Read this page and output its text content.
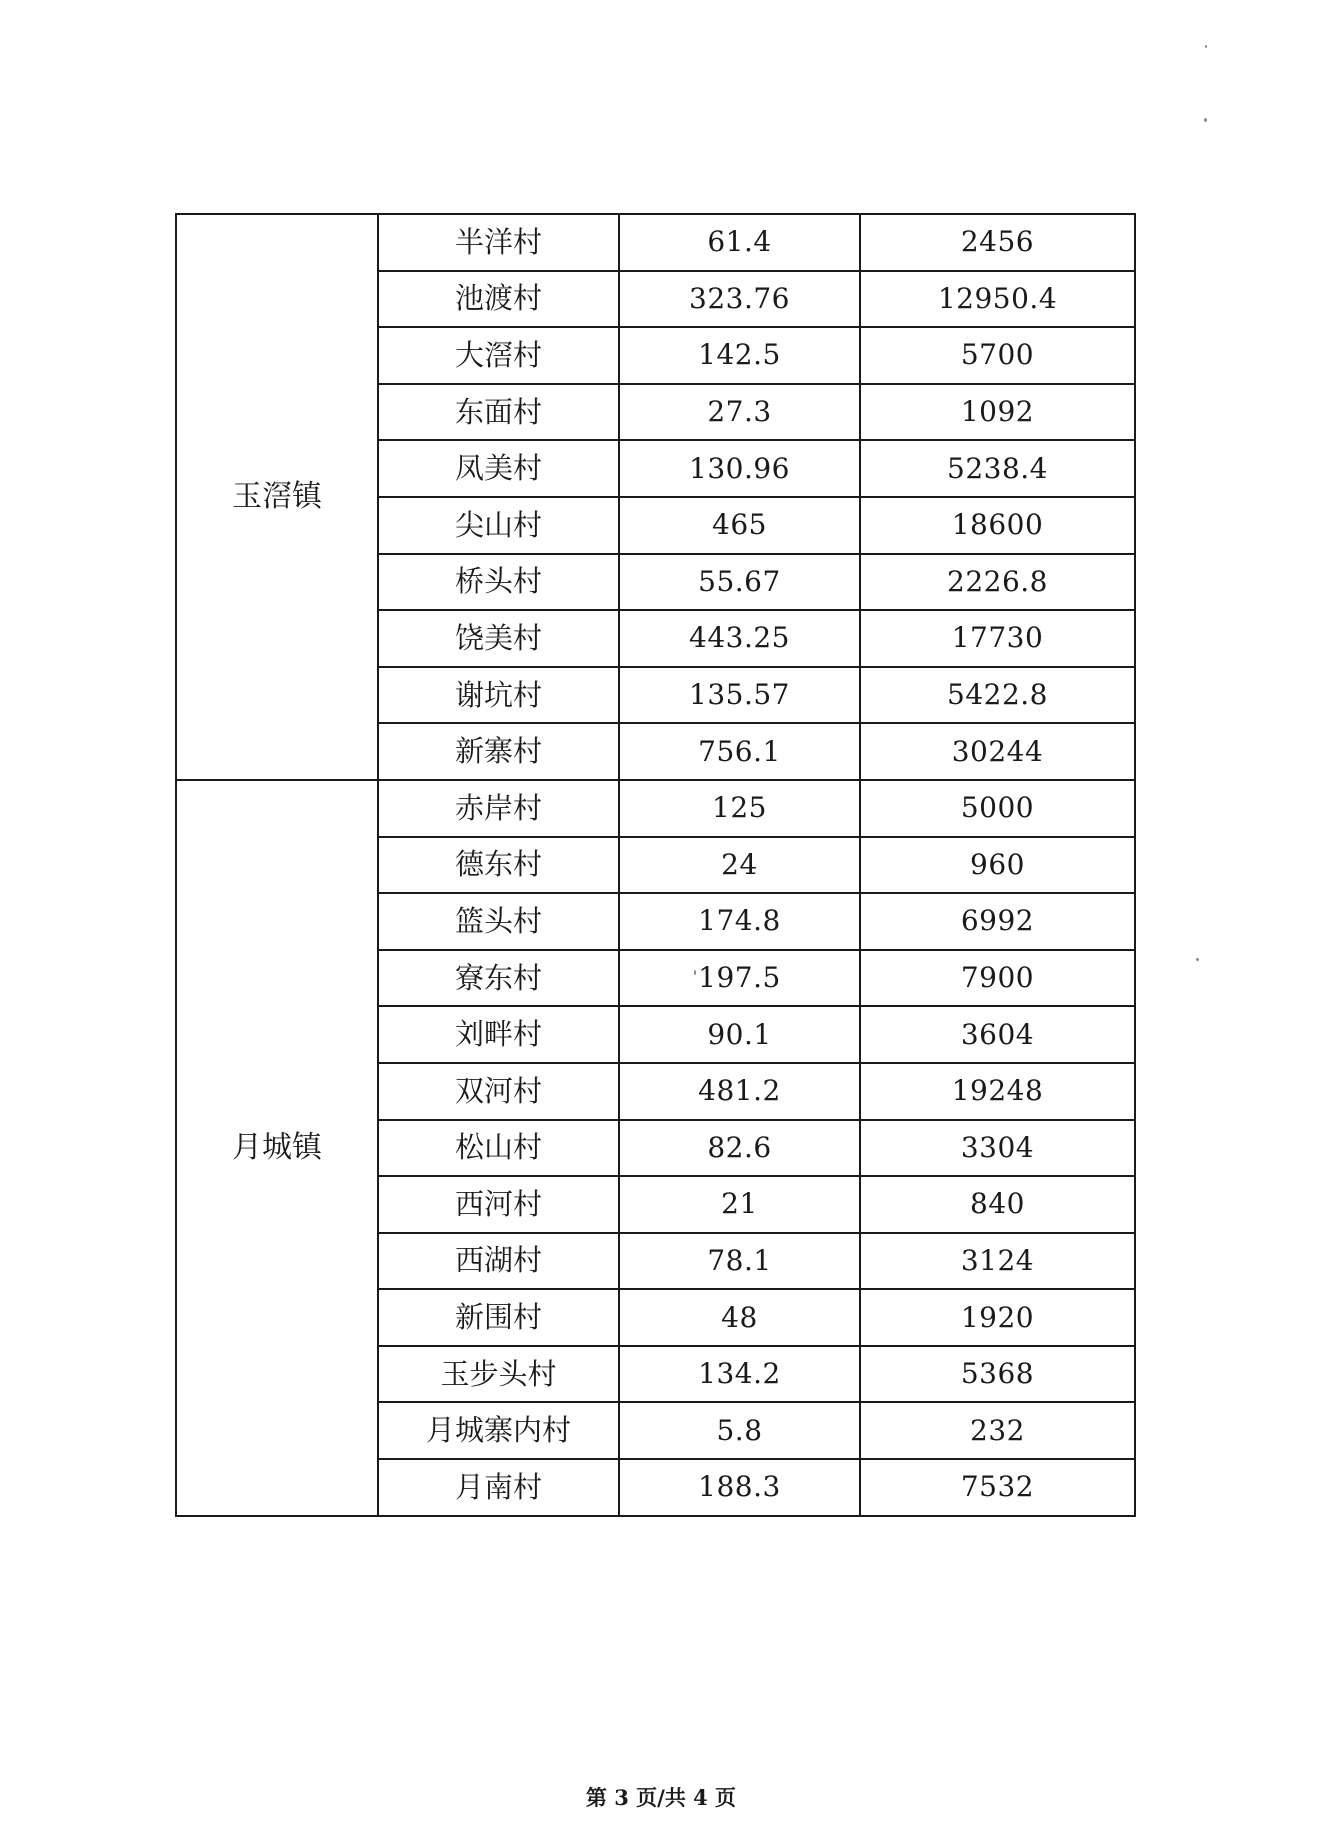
玉滘镇	半洋村	61.4	2456
	池渡村	323.76	12950.4
	大滘村	142.5	5700
	东面村	27.3	1092
	凤美村	130.96	5238.4
	尖山村	465	18600
	桥头村	55.67	2226.8
	饶美村	443.25	17730
	谢坑村	135.57	5422.8
	新寨村	756.1	30244
月城镇	赤岸村	125	5000
	德东村	24	960
	篮头村	174.8	6992
	寮东村	197.5	7900
	刘畔村	90.1	3604
	双河村	481.2	19248
	松山村	82.6	3304
	西河村	21	840
	西湖村	78.1	3124
	新围村	48	1920
	玉步头村	134.2	5368
	月城寨内村	5.8	232
	月南村	188.3	7532
第 3 页/共 4 页
